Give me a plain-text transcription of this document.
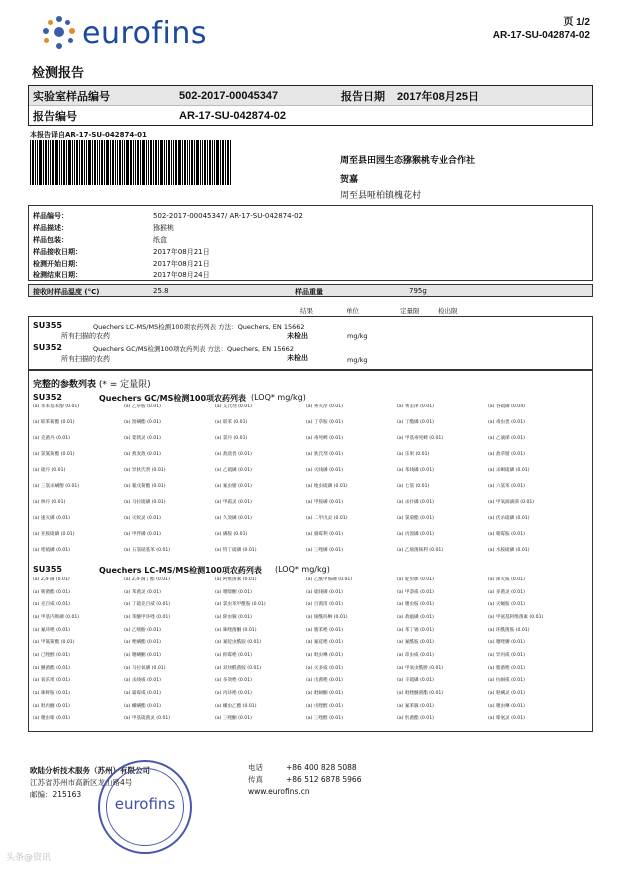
eurofins	页 1/2
AR-17-SU-042874-02
检测报告
实验室样品编号	502-2017-00045347	报告日期 2017年08月25日
报告编号	AR-17-SU-042874-02
本报告译自AR-17-SU-042874-01
周至县田园生态猕猴桃专业合作社
贺嘉
周至县哑柏镇槐花村
样品编号：	502-2017-00045347/ AR-17-SU-042874-02
样品描述：	猕猴桃
样品包装：	纸盒
样品接收日期：	2017年08月21日
检测开始日期：	2017年08月21日
检测结束日期：	2017年08月24日
接收时样品温度 (°C)	25.8	样品重量	795g
结果	单位	定量限	检出限
SU355	Quechers LC-MS/MS检测100项农药列表 方法：Quechers, EN 15662
所有扫描的农药	未检出	mg/kg
SU352	Quechers GC/MS检测100项农药列表 方法：Quechers, EN 15662
所有扫描的农药	未检出	mg/kg
完整的参数列表 (* = 定量限)
SU352	Quechers GC/MS检测100项农药列表 (LOQ* mg/kg)
(a) 邻苯基苯酚 (0.01)	(a) 乙草胺 (0.01)	(a) 艾氏剂 (0.01)	(a) 莠灭净 (0.01)	(a) 莠去津 (0.01)	(a) 谷硫磷 (0.04)
(a) 联苯菊酯 (0.01)	(a) 溴螨酯 (0.01)	(a) 联苯 (0.01)	(a) 丁草胺 (0.01)	(a) 丁酯磷 (0.01)	(a) 毒虫畏 (0.01)
(a) 克菌丹 (0.01)	(a) 萎锈灵 (0.01)	(a) 氯丹 (0.01)	(a) 毒死蜱 (0.01)	(a) 甲基毒死蜱 (0.01)	(a) 乙滴涕 (0.01)
(a) 氯氰菊酯 (0.01)	(a) 燕麦敌 (0.01)	(a) 敌敌畏 (0.01)	(a) 狄氏剂 (0.01)	(a) 乐果 (0.01)	(a) 敌草腈 (0.01)
(a) 硫丹 (0.01)	(a) 异狄氏剂 (0.01)	(a) 乙硫磷 (0.01)	(a) 灭线磷 (0.01)	(a) 苯线磷 (0.01)	(a) 杀螟硫磷 (0.01)
(a) 三氯杀螨醇 (0.01)	(a) 氰戊菊酯 (0.01)	(a) 氟虫腈 (0.01)	(a) 地虫硫磷 (0.01)	(a) 七氯 (0.01)	(a) 六氯苯 (0.01)
(a) 林丹 (0.01)	(a) 马拉硫磷 (0.01)	(a) 甲霜灵 (0.01)	(a) 甲胺磷 (0.01)	(a) 杀扑磷 (0.01)	(a) 甲氧滴滴涕 (0.01)
(a) 速灭磷 (0.01)	(a) 灭蚁灵 (0.01)	(a) 久效磷 (0.01)	(a) 二甲戊灵 (0.01)	(a) 氯菊酯 (0.01)	(a) 伏杀硫磷 (0.01)
(a) 亚胺硫磷 (0.01)	(a) 甲拌磷 (0.01)	(a) 磷胺 (0.01)	(a) 腐霉利 (0.01)	(a) 丙溴磷 (0.01)	(a) 嘧霉胺 (0.01)
(a) 喹硫磷 (0.01)	(a) 五氯硝基苯 (0.01)	(a) 特丁硫磷 (0.01)	(a) 三唑磷 (0.01)	(a) 乙烯菌核利 (0.01)	(a) 水胺硫磷 (0.01)
SU355	Quechers LC-MS/MS检测100项农药列表 (LOQ* mg/kg)
(a) 2,4-滴 (0.01)	(a) 2,4-滴丁酯 (0.01)	(a) 阿维菌素 (0.01)	(a) 乙酰甲胺磷 (0.01)	(a) 啶虫脒 (0.01)	(a) 涕灭威 (0.01)
(a) 嘧菌酯 (0.01)	(a) 苯菌灵 (0.01)	(a) 噻嗪酮 (0.01)	(a) 硫线磷 (0.01)	(a) 甲萘威 (0.01)	(a) 多菌灵 (0.01)
(a) 克百威 (0.01)	(a) 丁硫克百威 (0.01)	(a) 氯虫苯甲酰胺 (0.01)	(a) 百菌清 (0.01)	(a) 噻虫胺 (0.01)	(a) 灭蝇胺 (0.01)
(a) 甲基内吸磷 (0.01)	(a) 苯醚甲环唑 (0.01)	(a) 除虫脲 (0.01)	(a) 烯酰吗啉 (0.01)	(a) 敌瘟磷 (0.01)	(a) 甲氨基阿维菌素 (0.01)
(a) 氟环唑 (0.01)	(a) 乙嘧酚 (0.01)	(a) 咪唑菌酮 (0.01)	(a) 腈苯唑 (0.01)	(a) 苯丁锡 (0.01)	(a) 环酰菌胺 (0.01)
(a) 甲氰菊酯 (0.01)	(a) 唑螨酯 (0.01)	(a) 氟啶虫酰胺 (0.01)	(a) 氟硅唑 (0.01)	(a) 氟酰胺 (0.01)	(a) 噻唑膦 (0.01)
(a) 己唑醇 (0.01)	(a) 噻螨酮 (0.01)	(a) 抑霉唑 (0.01)	(a) 吡虫啉 (0.01)	(a) 茚虫威 (0.01)	(a) 异丙威 (0.01)
(a) 醚菌酯 (0.01)	(a) 马拉氧磷 (0.01)	(a) 双炔酰菌胺 (0.01)	(a) 灭多威 (0.01)	(a) 甲氧虫酰肼 (0.01)	(a) 腈菌唑 (0.01)
(a) 氧乐果 (0.01)	(a) 杀线威 (0.01)	(a) 多效唑 (0.01)	(a) 戊菌唑 (0.01)	(a) 辛硫磷 (0.01)	(a) 抗蚜威 (0.01)
(a) 咪鲜胺 (0.01)	(a) 霜霉威 (0.01)	(a) 丙环唑 (0.01)	(a) 吡蚜酮 (0.01)	(a) 吡唑醚菌酯 (0.01)	(a) 哒螨灵 (0.01)
(a) 吡丙醚 (0.01)	(a) 螺螨酯 (0.01)	(a) 螺虫乙酯 (0.01)	(a) 戊唑醇 (0.01)	(a) 氟苯脲 (0.01)	(a) 噻虫啉 (0.01)
(a) 噻虫嗪 (0.01)	(a) 甲基硫菌灵 (0.01)	(a) 三唑酮 (0.01)	(a) 三唑醇 (0.01)	(a) 肟菌酯 (0.01)	(a) 嗪氨灵 (0.01)
欧陆分析技术服务（苏州）有限公司
江苏省苏州市高新区龙山路4号
邮编：215163
电话	+86 400 828 5088
传真	+86 512 6878 5966
www.eurofins.cn
eurofins
头条@资讯
